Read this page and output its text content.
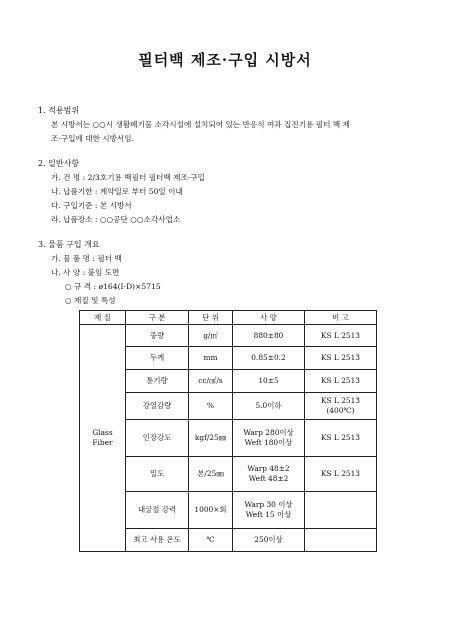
필터백 제조·구입 시방서
1. 적용범위
본 시방서는 ○○시 생활폐기물 소각시설에 설치되어 있는 반응식 여과 집진기용 필터 백 제
조·구입에 대한 시방서임.
2. 일반사항
가. 건 명 : 2/3호기용 백필터 필터백 제조·구입
나. 납품기한 : 계약일로 부터 50일 이내
다. 구입기준 : 본 시방서
라. 납품장소 : ○○공단 ○○소각사업소
3. 물품 구입 개요
가. 물 품 명 : 필터 백
나. 사 양 : 붙임 도면
○ 규 격 : ø164(I·D)×5715
○ 재질 및 특성
재 질	구 분	단 위	사 양	비 고
Glass
Fiber	중량	g/㎡	880±80	KS L 2513
	두께	mm	0.85±0.2	KS L 2513
	통기량	cc/㎠/s	10±5	KS L 2513
	강열감량	%	5.0이하	KS L 2513
(400℃)
	인장강도	kgf/25㎜	Warp 280이상
Weft 180이상	KS L 2513
	밀도	본/25㎜	Warp 48±2
Weft 48±2	KS L 2513
	내굴절 강력	1000×회	Warp 30 이상
Weft 15 이상	
	최고 사용 온도	℃	250이상	
